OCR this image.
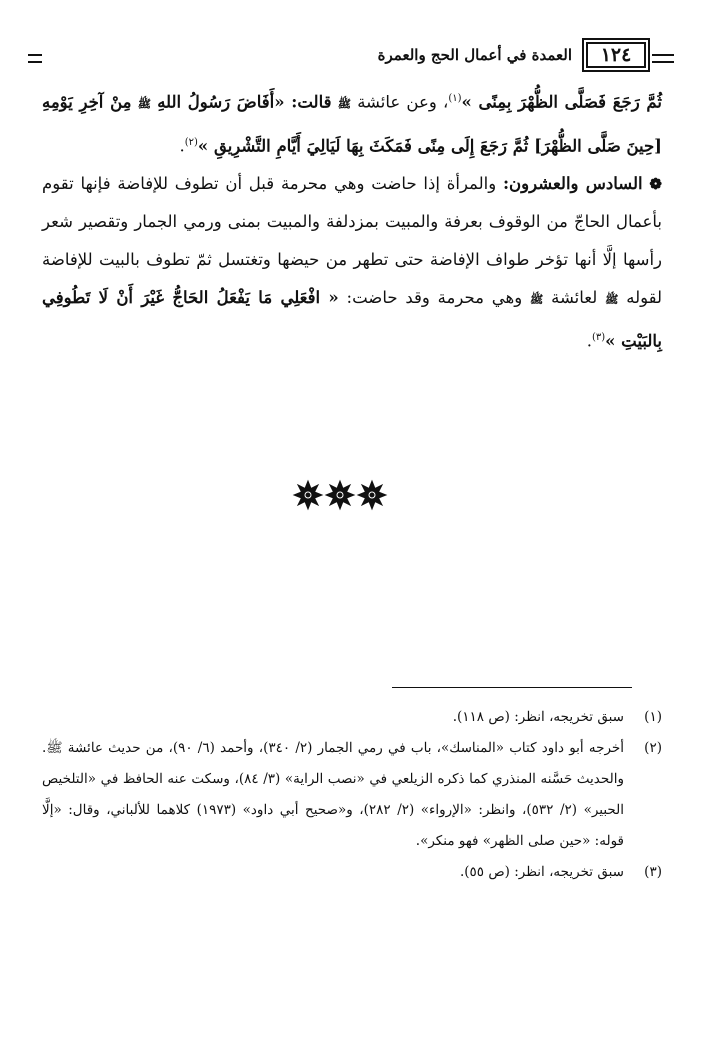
١٢٤
العمدة في أعمال الحج والعمرة

ثُمَّ رَجَعَ فَصَلَّى الظُّهْرَ بِمِنًى »$^{(١)}$، وعن عائشة ﷺ قالت: «أَفَاضَ رَسُولُ اللهِ ﷺ مِنْ آخِرِ يَوْمِهِ [حِينَ صَلَّى الظُّهْرَ] ثُمَّ رَجَعَ إِلَى مِنًى فَمَكَثَ بِهَا لَيَالِيَ أَيَّامِ التَّشْرِيقِ »$^{(٢)}$.

❁ السادس والعشرون: والمرأة إذا حاضت وهي محرمة قبل أن تطوف للإفاضة فإنها تقوم بأعمال الحاجّ من الوقوف بعرفة والمبيت بمزدلفة والمبيت بمنى ورمي الجمار وتقصير شعر رأسها إلَّا أنها تؤخر طواف الإفاضة حتى تطهر من حيضها وتغتسل ثمّ تطوف بالبيت للإفاضة لقوله ﷺ لعائشة ﷺ وهي محرمة وقد حاضت: « افْعَلِي مَا يَفْعَلُ الحَاجُّ غَيْرَ أَنْ لَا تَطُوفِي بِالبَيْتِ »$^{(٣)}$.

(١)
سبق تخريجه، انظر: (ص ١١٨).

(٢)
أخرجه أبو داود كتاب «المناسك»، باب في رمي الجمار (٢/ ٣٤٠)، وأحمد (٦/ ٩٠)، من حديث عائشة ﷺ. والحديث حَسَّنه المنذري كما ذكره الزيلعي في «نصب الراية» (٣/ ٨٤)، وسكت عنه الحافظ في «التلخيص الحبير» (٢/ ٥٣٢)، وانظر: «الإرواء» (٢/ ٢٨٢)، و«صحيح أبي داود» (١٩٧٣) كلاهما للألباني، وقال: «إلَّا قوله: «حين صلى الظهر» فهو منكر».

(٣)
سبق تخريجه، انظر: (ص ٥٥).
